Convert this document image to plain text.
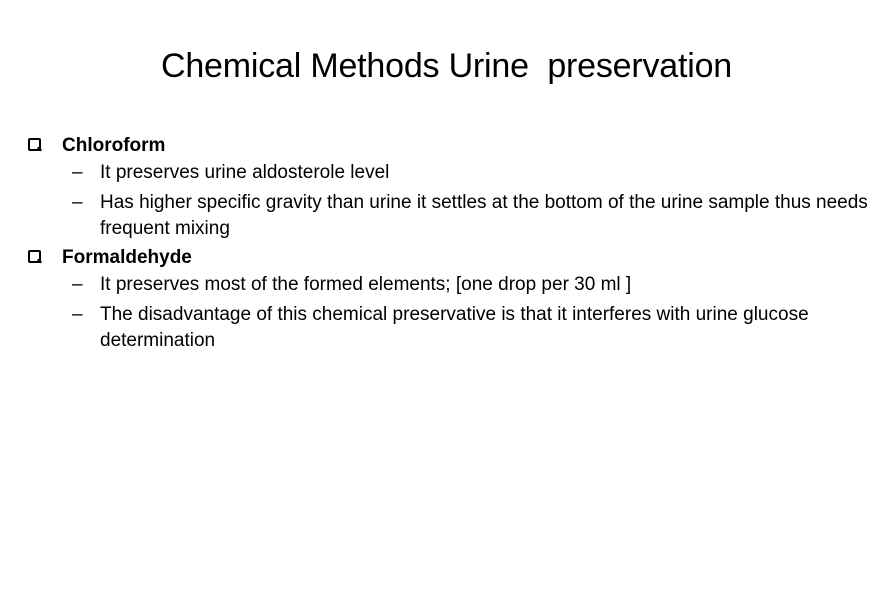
Chemical Methods Urine  preservation
Chloroform
– It preserves urine aldosterole level
– Has higher specific gravity than urine it settles at the bottom of the urine sample thus needs frequent mixing
Formaldehyde
– It preserves most of the formed elements; [one drop per 30 ml ]
– The disadvantage of this chemical preservative is that it interferes with urine glucose determination
